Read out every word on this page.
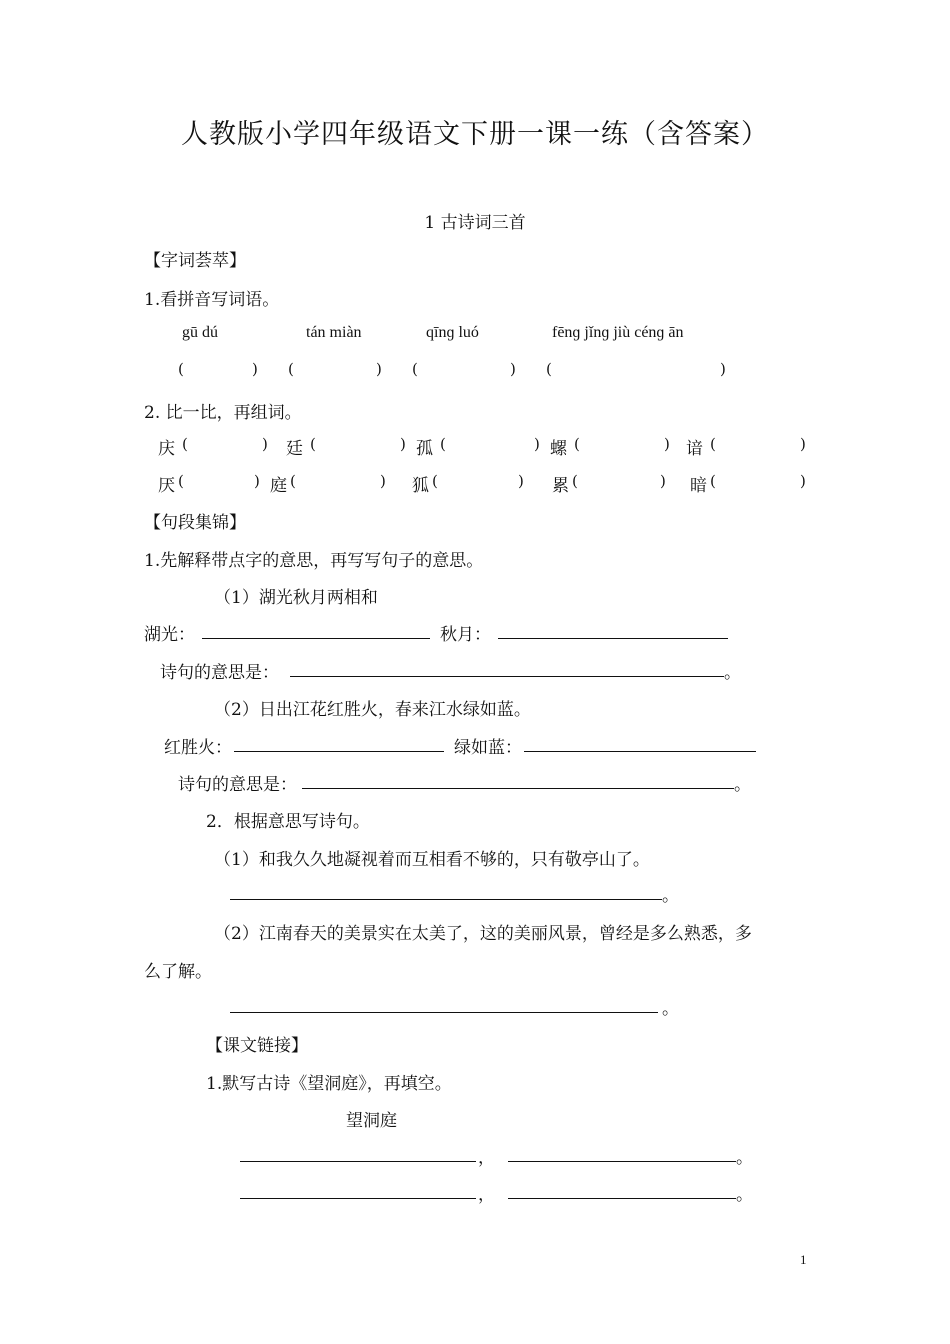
人教版小学四年级语文下册一课一练（含答案）
1 古诗词三首
【字词荟萃】
1.看拼音写词语。
gū dú	tán miàn	qīnɡ luó	fēnɡ jǐnɡ jiù cénɡ ān
(	) (	) (	) (	)
2. 比一比，再组词。
庆 (	) 廷 (	) 孤 (	) 螺 (	) 谙 (	)
厌 (	) 庭 (	) 狐 (	) 累 (	) 暗 (	)
【句段集锦】
1.先解释带点字的意思，再写写句子的意思。
（1）湖光秋月两相和
湖光：	秋月：
诗句的意思是：	。
（2）日出江花红胜火，春来江水绿如蓝。
红胜火：	绿如蓝：
诗句的意思是：	。
2．根据意思写诗句。
（1）和我久久地凝视着而互相看不够的，只有敬亭山了。
。
（2）江南春天的美景实在太美了，这的美丽风景，曾经是多么熟悉，多
么了解。
。
【课文链接】
1.默写古诗《望洞庭》，再填空。
望洞庭
，	。
，	。
1
